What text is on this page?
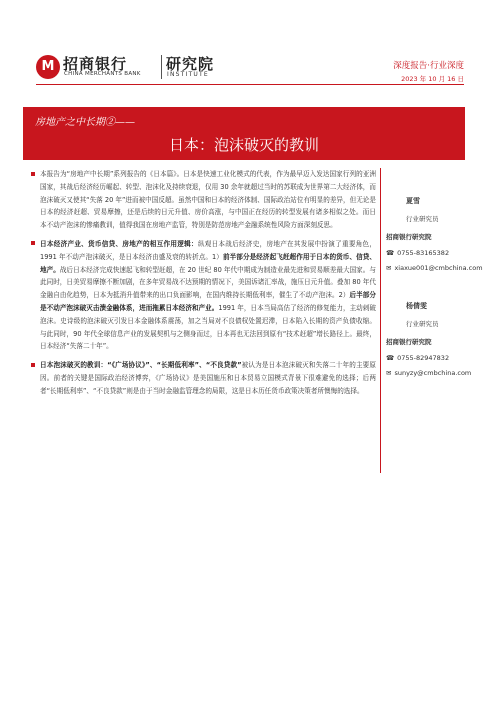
M 招商银行
CHINA MERCHANTS BANK
研究院
INSTITUTE
深度报告·行业深度
2023 年 10 月 16 日
房地产之中长期②——
日本：泡沫破灭的教训
本报告为“房地产中长期”系列报告的《日本篇》。日本是快速工业化模式的代表，作为最早迈入发达国家行列的亚洲国家，其战后经济经历崛起、转型、泡沫化及持续衰退，仅用 30 余年就超过当时的苏联成为世界第二大经济体，而泡沫破灭又使其“失落 20 年”进而被中国反超。虽然中国和日本的经济体制、国际政治站位有明显的差异，但无论是日本的经济赶超、贸易摩擦，还是后续的日元升值、房价高涨，与中国正在经历的转型发展有诸多相似之处。而日本不动产泡沫的惨痛教训，值得我国在房地产监管，特别是防范房地产金融系统性风险方面深刻反思。
日本经济产业、货币信贷、房地产的相互作用逻辑：纵观日本战后经济史，房地产在其发展中扮演了重要角色，1991 年不动产泡沫破灭，是日本经济由盛及衰的转折点。1）前半部分是经济起飞赶超作用于日本的货币、信贷、地产。战后日本经济完成快速起飞和转型赶超，在 20 世纪 80 年代中期成为制造业最先进和贸易顺差最大国家。与此同时，日美贸易摩擦不断加剧，在多年贸易战不达预期的情况下，美国诉诸汇率战，施压日元升值。叠加 80 年代金融自由化趋势，日本为抵消升值带来的出口负面影响，在国内维持长期低利率，催生了不动产泡沫。2）后半部分是不动产泡沫破灭击溃金融体系，进而拖累日本经济和产业。1991 年，日本当局高估了经济的修复能力，主动刺破泡沫。史诗级的泡沫破灭引发日本金融体系震荡，加之当局对不良债权处置迟滞，日本陷入长期的资产负债收缩。与此同时，90 年代全球信息产业的发展契机与之侧身而过，日本再也无法回到原有“技术赶超”增长路径上。最终，日本经济“失落二十年”。
日本泡沫破灭的教训：“《广场协议》”、“长期低利率”、“不良贷款”被认为是日本泡沫破灭和失落二十年的主要原因。前者的关键是国际政治经济博弈，《广场协议》是美国施压和日本贸易立国模式背景下很难避免的选择；后两者“长期低利率”、“不良贷款”则是由于当时金融监管理念的局限，这是日本历任货币政策决策者所懊悔的选择。
夏雪
行业研究员
招商银行研究院
☎ 0755-83165382
✉ xiaxue001@cmbchina.com
杨倩雯
行业研究员
招商银行研究院
☎ 0755-82947832
✉ sunyzy@cmbchina.com
